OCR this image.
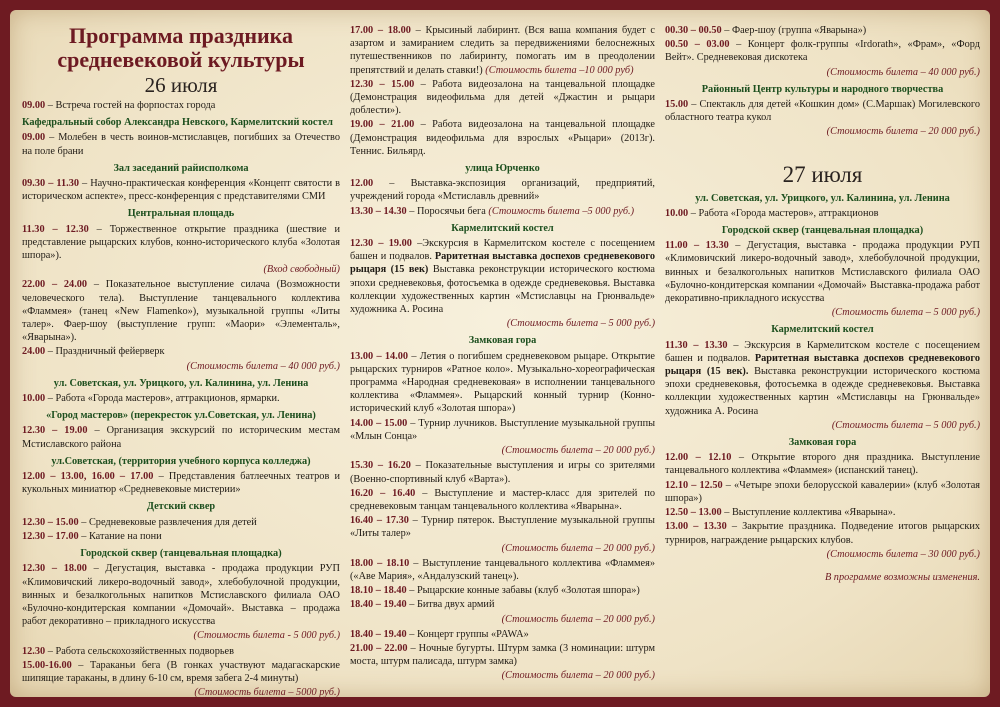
Программа праздника
средневековой культуры
26 июля
09.00 – Встреча гостей на форпостах города
Кафедральный собор Александра Невского, Кармелитский костел
09.00 – Молебен в честь воинов-мстиславцев, погибших за Отечество на поле брани
Зал заседаний райисполкома
09.30 – 11.30 – Научно-практическая конференция «Концепт святости в историческом аспекте», пресс-конференция с представителями СМИ
Центральная площадь
11.30 – 12.30 – Торжественное открытие праздника (шествие и представление рыцарских клубов, конно-исторического клуба «Золотая шпора»).
(Вход свободный)
22.00 – 24.00 – Показательное выступление силача (Возможности человеческого тела). Выступление танцевального коллектива «Фламмея» (танец «New Flamenko»), музыкальной группы «Литы талер». Фаер-шоу (выступление групп: «Маори» «Элементаль», «Яварына»).
24.00 – Праздничный фейерверк
(Стоимость билета – 40 000 руб.)
ул. Советская, ул. Урицкого, ул. Калинина, ул. Ленина
10.00 – Работа «Города мастеров», аттракционов, ярмарки.
«Город мастеров» (перекресток ул.Советская, ул. Ленина)
12.30 – 19.00 – Организация экскурсий по историческим местам Мстиславского района
ул.Советская, (территория учебного корпуса колледжа)
12.00 – 13.00, 16.00 – 17.00 – Представления батлеечных театров и кукольных миниатюр «Средневековые мистерии»
Детский сквер
12.30 – 15.00 – Средневековые развлечения для детей
12.30 – 17.00 – Катание на пони
Городской сквер (танцевальная площадка)
12.30 – 18.00 – Дегустация, выставка - продажа продукции РУП «Климовичский ликеро-водочный завод», хлебобулочной продукции, винных и безалкогольных напитков Мстиславского филиала ОАО «Булочно-кондитерская компании «Домочай». Выставка – продажа работ декоративно – прикладного искусства
(Стоимость билета - 5 000 руб.)
12.30 – Работа сельскохозяйственных подворьев
15.00-16.00 – Тараканьи бега (В гонках участвуют мадагаскарские шипящие тараканы, в длину 6-10 см, время забега 2-4 минуты)
(Стоимость билета – 5000 руб.)
17.00 – 18.00 – Крысиный лабиринт. (Вся ваша компания будет с азартом и замиранием следить за передвижениями белоснежных путешественников по лабиринту, помогать им в преодолении препятствий и делать ставки!) (Стоимость билета –10 000 руб)
12.30 – 15.00 – Работа видеозалона на танцевальной площадке (Демонстрация видеофильма для детей «Джастин и рыцари доблести»).
19.00 – 21.00 – Работа видеозалона на танцевальной площадке (Демонстрация видеофильма для взрослых «Рыцари» (2013г). Теннис. Бильярд.
улица Юрченко
12.00 – Выставка-экспозиция организаций, предприятий, учреждений города «Мстиславль древний»
13.30 – 14.30 – Поросячьи бега (Стоимость билета –5 000 руб.)
Кармелитский костел
12.30 – 19.00 –Экскурсия в Кармелитском костеле с посещением башен и подвалов. Раритетная выставка доспехов средневекового рыцаря (15 век) Выставка реконструкции исторического костюма эпохи средневековья, фотосъемка в одежде средневековья. Выставка коллекции художественных картин «Мстиславцы на Грюнвальде» художника А. Росина
(Стоимость билета – 5 000 руб.)
Замковая гора
13.00 – 14.00 – Летия о погибшем средневековом рыцаре. Открытие рыцарских турниров «Ратное коло». Музыкально-хореографическая программа «Народная средневековая» в исполнении танцевального коллектива «Фламмея». Рыцарский конный турнир (Конно-исторический клуб «Золотая шпора»)
14.00 – 15.00 – Турнир лучников. Выступление музыкальной группы «Млын Сонца»
(Стоимость билета – 20 000 руб.)
15.30 – 16.20 – Показательные выступления и игры со зрителями (Военно-спортивный клуб «Варта»).
16.20 – 16.40 – Выступление и мастер-класс для зрителей по средневековым танцам танцевального коллектива «Яварына».
16.40 – 17.30 – Турнир пятерок. Выступление музыкальной группы «Литы талер»
(Стоимость билета – 20 000 руб.)
18.00 – 18.10 – Выступление танцевального коллектива «Фламмея» («Аве Мария», «Андалузский танец»).
18.10 – 18.40 – Рыцарские конные забавы (клуб «Золотая шпора»)
18.40 – 19.40 – Битва двух армий
(Стоимость билета – 20 000 руб.)
18.40 – 19.40 – Концерт группы «PAWA»
21.00 – 22.00 – Ночные бугурты. Штурм замка (3 номинации: штурм моста, штурм палисада, штурм замка)
(Стоимость билета – 20 000 руб.)
00.30 – 00.50 – Фаер-шоу (группа «Яварына»)
00.50 – 03.00 – Концерт фолк-группы «Irdorath», «Фрам», «Форд Вейт». Средневековая дискотека
(Стоимость билета – 40 000 руб.)
Районный Центр культуры и народного творчества
15.00 – Спектакль для детей «Кошкин дом» (С.Маршак) Могилевского областного театра кукол
(Стоимость билета – 20 000 руб.)
27 июля
ул. Советская, ул. Урицкого, ул. Калинина, ул. Ленина
10.00 – Работа «Города мастеров», аттракционов
Городской сквер (танцевальная площадка)
11.00 – 13.30 – Дегустация, выставка - продажа продукции РУП «Климовичский ликеро-водочный завод», хлебобулочной продукции, винных и безалкогольных напитков Мстиславского филиала ОАО «Булочно-кондитерская компании «Домочай» Выставка-продажа работ декоративно-прикладного искусства
(Стоимость билета – 5 000 руб.)
Кармелитский костел
11.30 – 13.30 – Экскурсия в Кармелитском костеле с посещением башен и подвалов. Раритетная выставка доспехов средневекового рыцаря (15 век). Выставка реконструкции исторического костюма эпохи средневековья, фотосъемка в одежде средневековья. Выставка коллекции художественных картин «Мстиславцы на Грюнвальде» художника А. Росина
(Стоимость билета – 5 000 руб.)
Замковая гора
12.00 – 12.10 – Открытие второго дня праздника. Выступление танцевального коллектива «Фламмея» (испанский танец).
12.10 – 12.50 – «Четыре эпохи белорусской кавалерии» (клуб «Золотая шпора»)
12.50 – 13.00 – Выступление коллектива «Яварына».
13.00 – 13.30 – Закрытие праздника. Подведение итогов рыцарских турниров, награждение рыцарских клубов.
(Стоимость билета – 30 000 руб.)
В программе возможны изменения.
